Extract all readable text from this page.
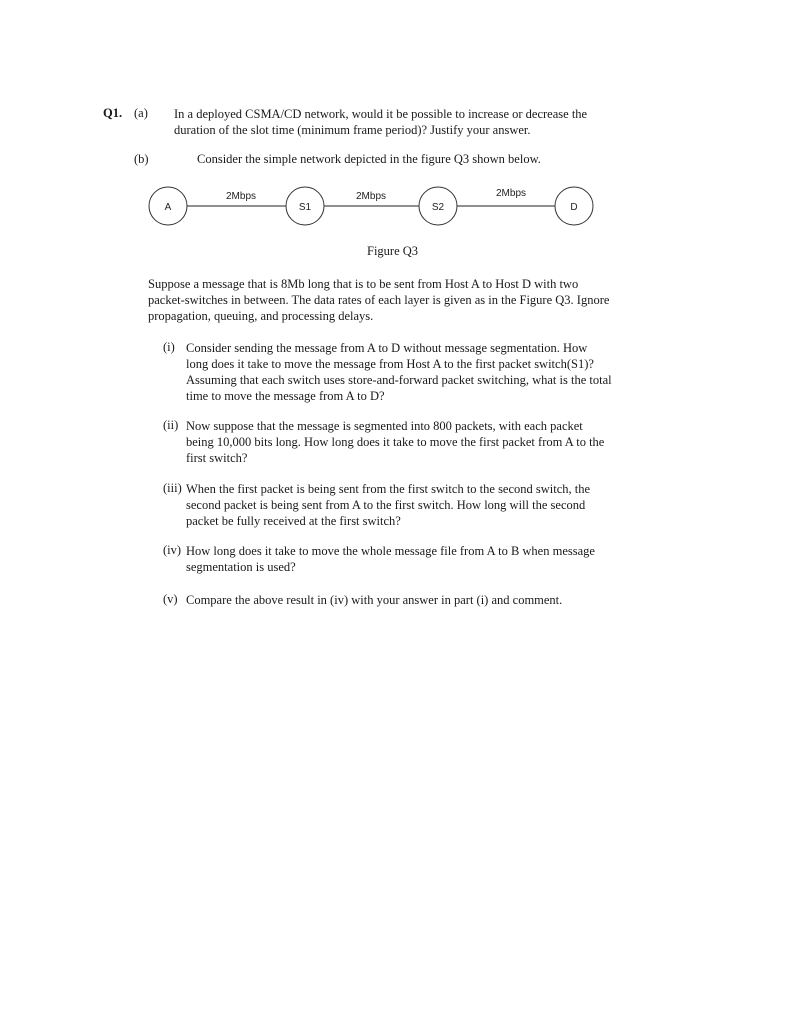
Q1. (a) In a deployed CSMA/CD network, would it be possible to increase or decrease the
duration of the slot time (minimum frame period)? Justify your answer.
(b)	Consider the simple network depicted in the figure Q3 shown below.
A	S1	S2	D
2Mbps	2Mbps	2Mbps
Figure Q3
Suppose a message that is 8Mb long that is to be sent from Host A to Host D with two
packet-switches in between. The data rates of each layer is given as in the Figure Q3. Ignore
propagation, queuing, and processing delays.
(i) Consider sending the message from A to D without message segmentation. How
long does it take to move the message from Host A to the first packet switch(S1)?
Assuming that each switch uses store-and-forward packet switching, what is the total
time to move the message from A to D?
(ii) Now suppose that the message is segmented into 800 packets, with each packet
being 10,000 bits long. How long does it take to move the first packet from A to the
first switch?
(iii) When the first packet is being sent from the first switch to the second switch, the
second packet is being sent from A to the first switch. How long will the second
packet be fully received at the first switch?
(iv) How long does it take to move the whole message file from A to B when message
segmentation is used?
(v) Compare the above result in (iv) with your answer in part (i) and comment.
